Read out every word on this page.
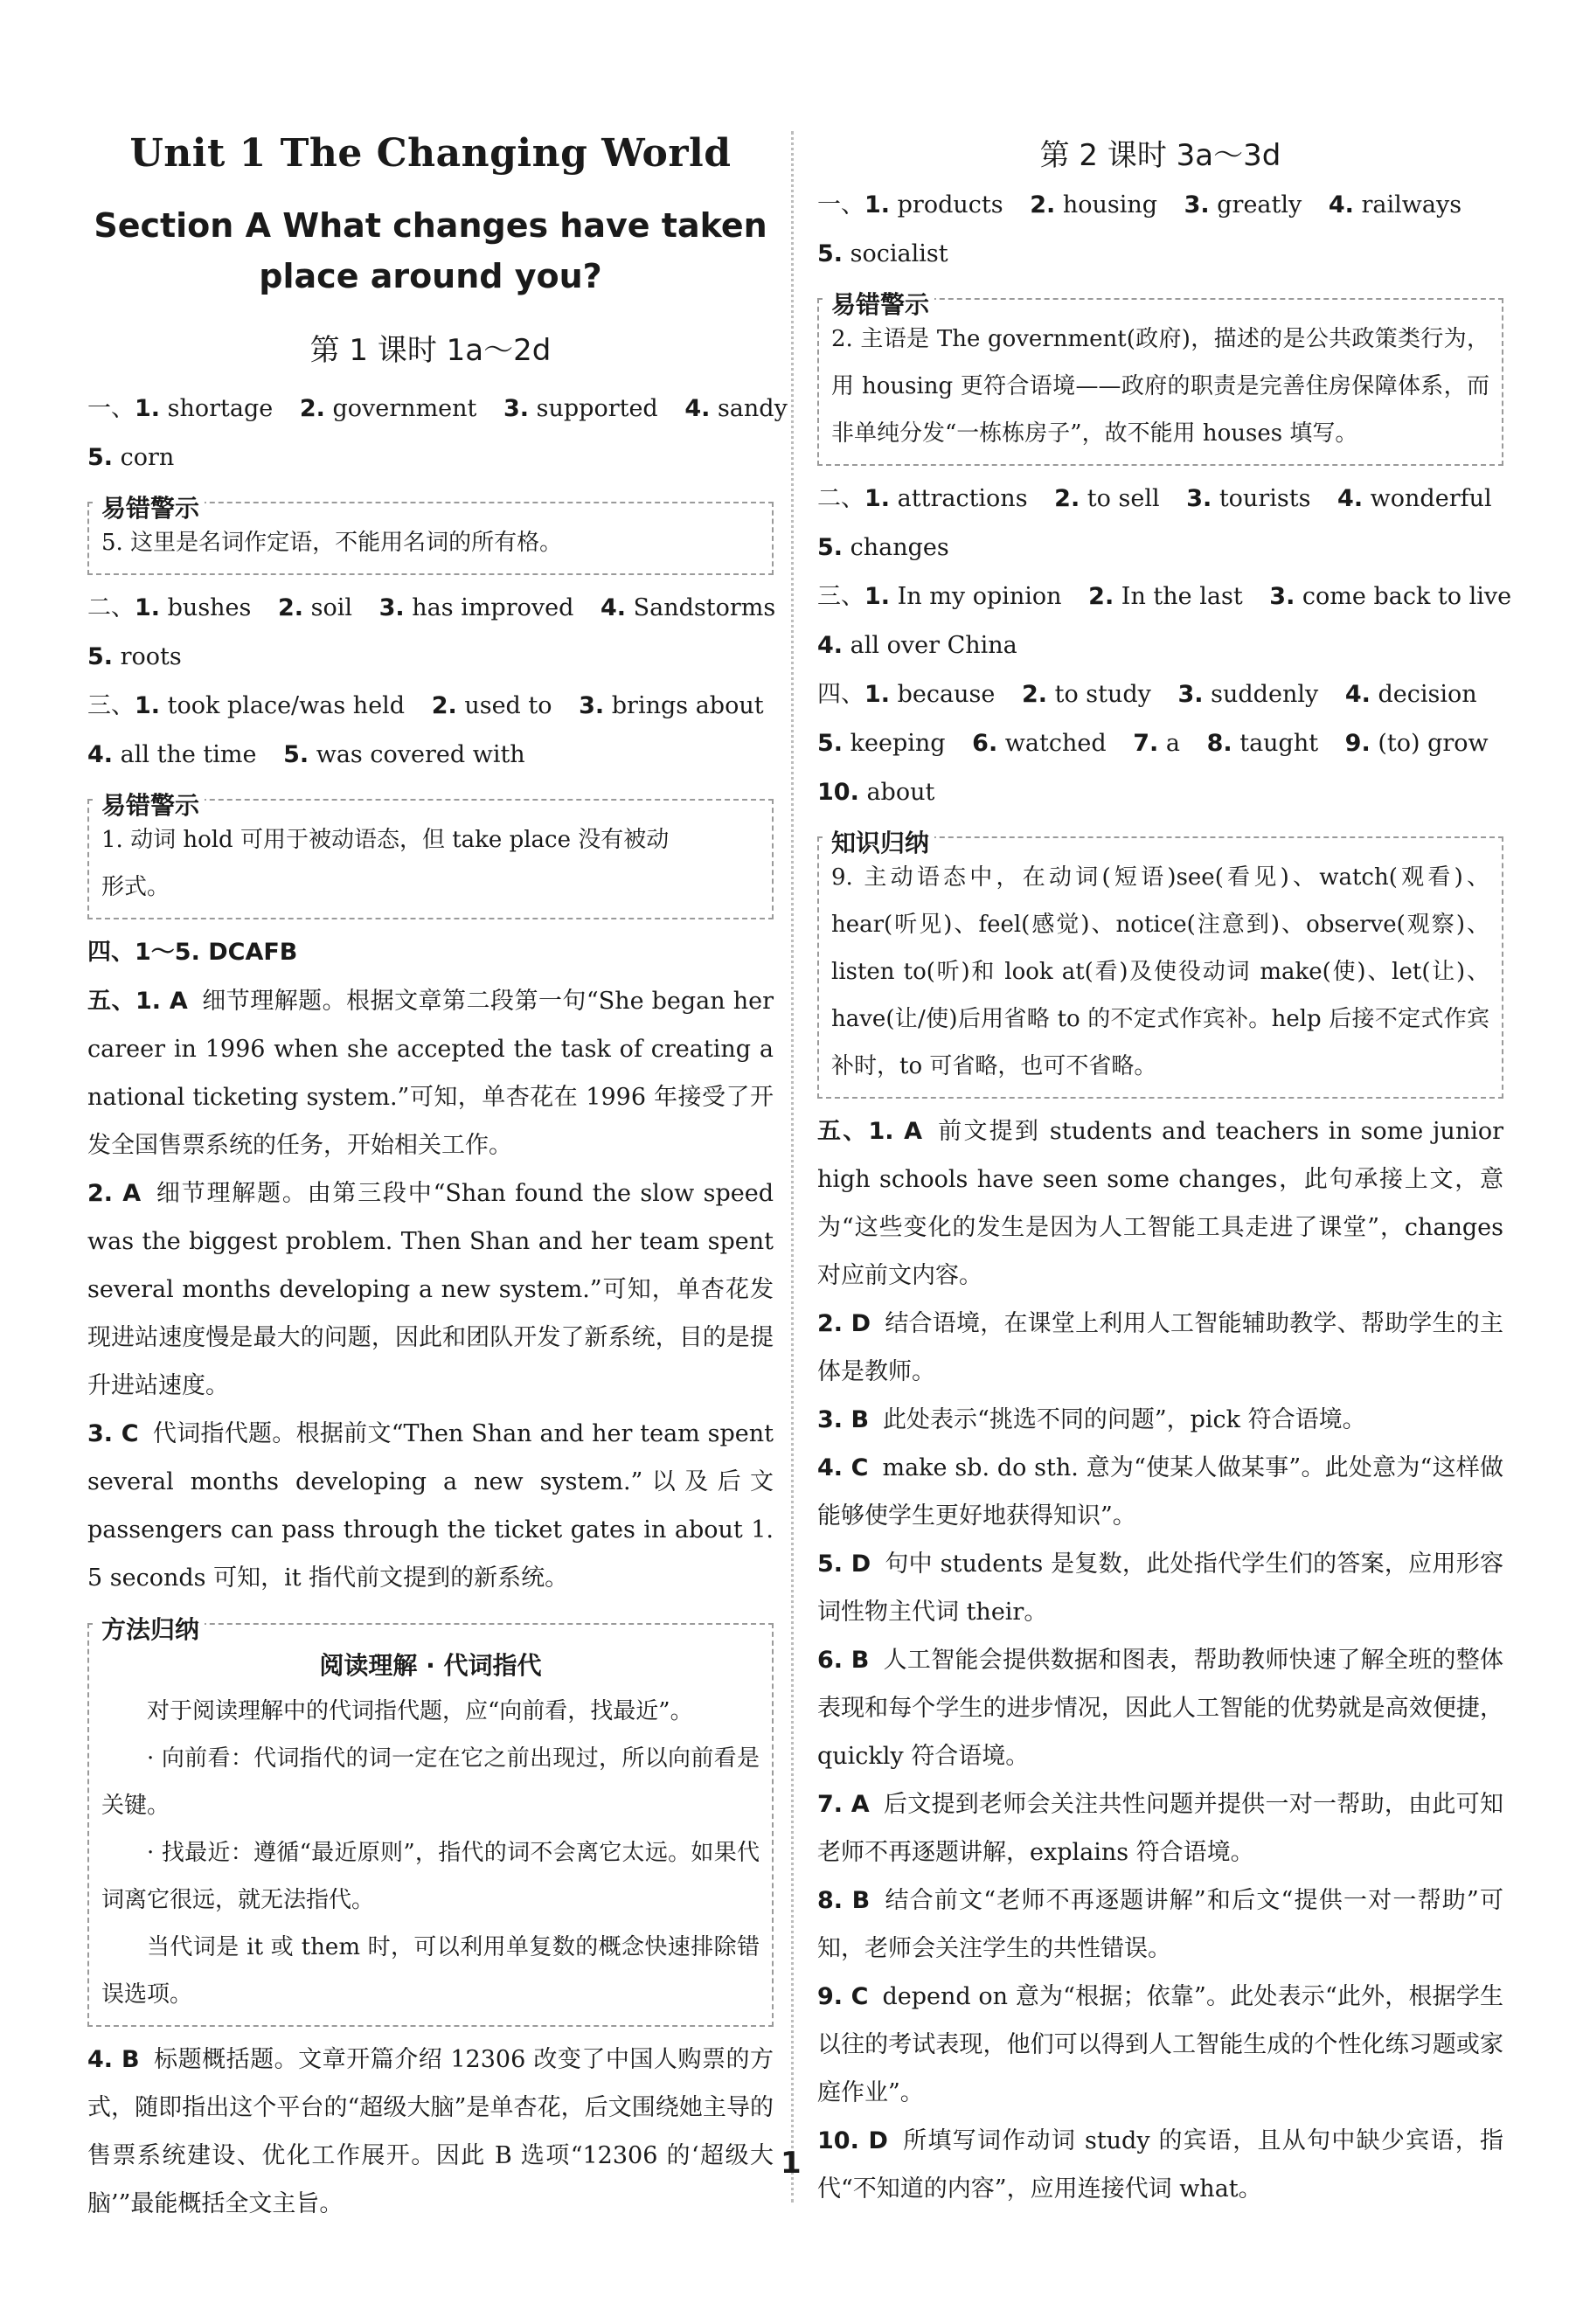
Unit 1 The Changing World
Section A What changes have taken
place around you?
第 1 课时 1a～2d
一、1. shortage 2. government 3. supported 4. sandy
5. corn
易错警示
5. 这里是名词作定语，不能用名词的所有格。
二、1. bushes 2. soil 3. has improved 4. Sandstorms
5. roots
三、1. took place/was held 2. used to 3. brings about
4. all the time 5. was covered with
易错警示
1. 动词 hold 可用于被动语态，但 take place 没有被动
形式。
四、1～5. DCAFB
五、1. A 细节理解题。根据文章第二段第一句“She began her career in 1996 when she accepted the task of creating a national ticketing system.”可知，单杏花在 1996 年接受了开发全国售票系统的任务，开始相关工作。
2. A 细节理解题。由第三段中“Shan found the slow speed was the biggest problem. Then Shan and her team spent several months developing a new system.”可知，单杏花发现进站速度慢是最大的问题，因此和团队开发了新系统，目的是提升进站速度。
3. C 代词指代题。根据前文“Then Shan and her team spent several months developing a new system.”以及后文 passengers can pass through the ticket gates in about 1. 5 seconds 可知，it 指代前文提到的新系统。
方法归纳
阅读理解 · 代词指代
对于阅读理解中的代词指代题，应“向前看，找最近”。
· 向前看：代词指代的词一定在它之前出现过，所以向前看是关键。
· 找最近：遵循“最近原则”，指代的词不会离它太远。如果代词离它很远，就无法指代。
当代词是 it 或 them 时，可以利用单复数的概念快速排除错误选项。
4. B 标题概括题。文章开篇介绍 12306 改变了中国人购票的方式，随即指出这个平台的“超级大脑”是单杏花，后文围绕她主导的售票系统建设、优化工作展开。因此 B 选项“12306 的‘超级大脑’”最能概括全文主旨。
第 2 课时 3a～3d
一、1. products 2. housing 3. greatly 4. railways
5. socialist
易错警示
2. 主语是 The government(政府)，描述的是公共政策类行为，用 housing 更符合语境——政府的职责是完善住房保障体系，而非单纯分发“一栋栋房子”，故不能用 houses 填写。
二、1. attractions 2. to sell 3. tourists 4. wonderful
5. changes
三、1. In my opinion 2. In the last 3. come back to live
4. all over China
四、1. because 2. to study 3. suddenly 4. decision
5. keeping 6. watched 7. a 8. taught 9. (to) grow
10. about
知识归纳
9. 主动语态中，在动词(短语)see(看见)、watch(观看)、hear(听见)、feel(感觉)、notice(注意到)、observe(观察)、listen to(听)和 look at(看)及使役动词 make(使)、let(让)、have(让/使)后用省略 to 的不定式作宾补。help 后接不定式作宾补时，to 可省略，也可不省略。
五、1. A 前文提到 students and teachers in some junior high schools have seen some changes，此句承接上文，意为“这些变化的发生是因为人工智能工具走进了课堂”，changes 对应前文内容。
2. D 结合语境，在课堂上利用人工智能辅助教学、帮助学生的主体是教师。
3. B 此处表示“挑选不同的问题”，pick 符合语境。
4. C make sb. do sth. 意为“使某人做某事”。此处意为“这样做能够使学生更好地获得知识”。
5. D 句中 students 是复数，此处指代学生们的答案，应用形容词性物主代词 their。
6. B 人工智能会提供数据和图表，帮助教师快速了解全班的整体表现和每个学生的进步情况，因此人工智能的优势就是高效便捷，quickly 符合语境。
7. A 后文提到老师会关注共性问题并提供一对一帮助，由此可知老师不再逐题讲解，explains 符合语境。
8. B 结合前文“老师不再逐题讲解”和后文“提供一对一帮助”可知，老师会关注学生的共性错误。
9. C depend on 意为“根据；依靠”。此处表示“此外，根据学生以往的考试表现，他们可以得到人工智能生成的个性化练习题或家庭作业”。
10. D 所填写词作动词 study 的宾语，且从句中缺少宾语，指代“不知道的内容”，应用连接代词 what。
1
